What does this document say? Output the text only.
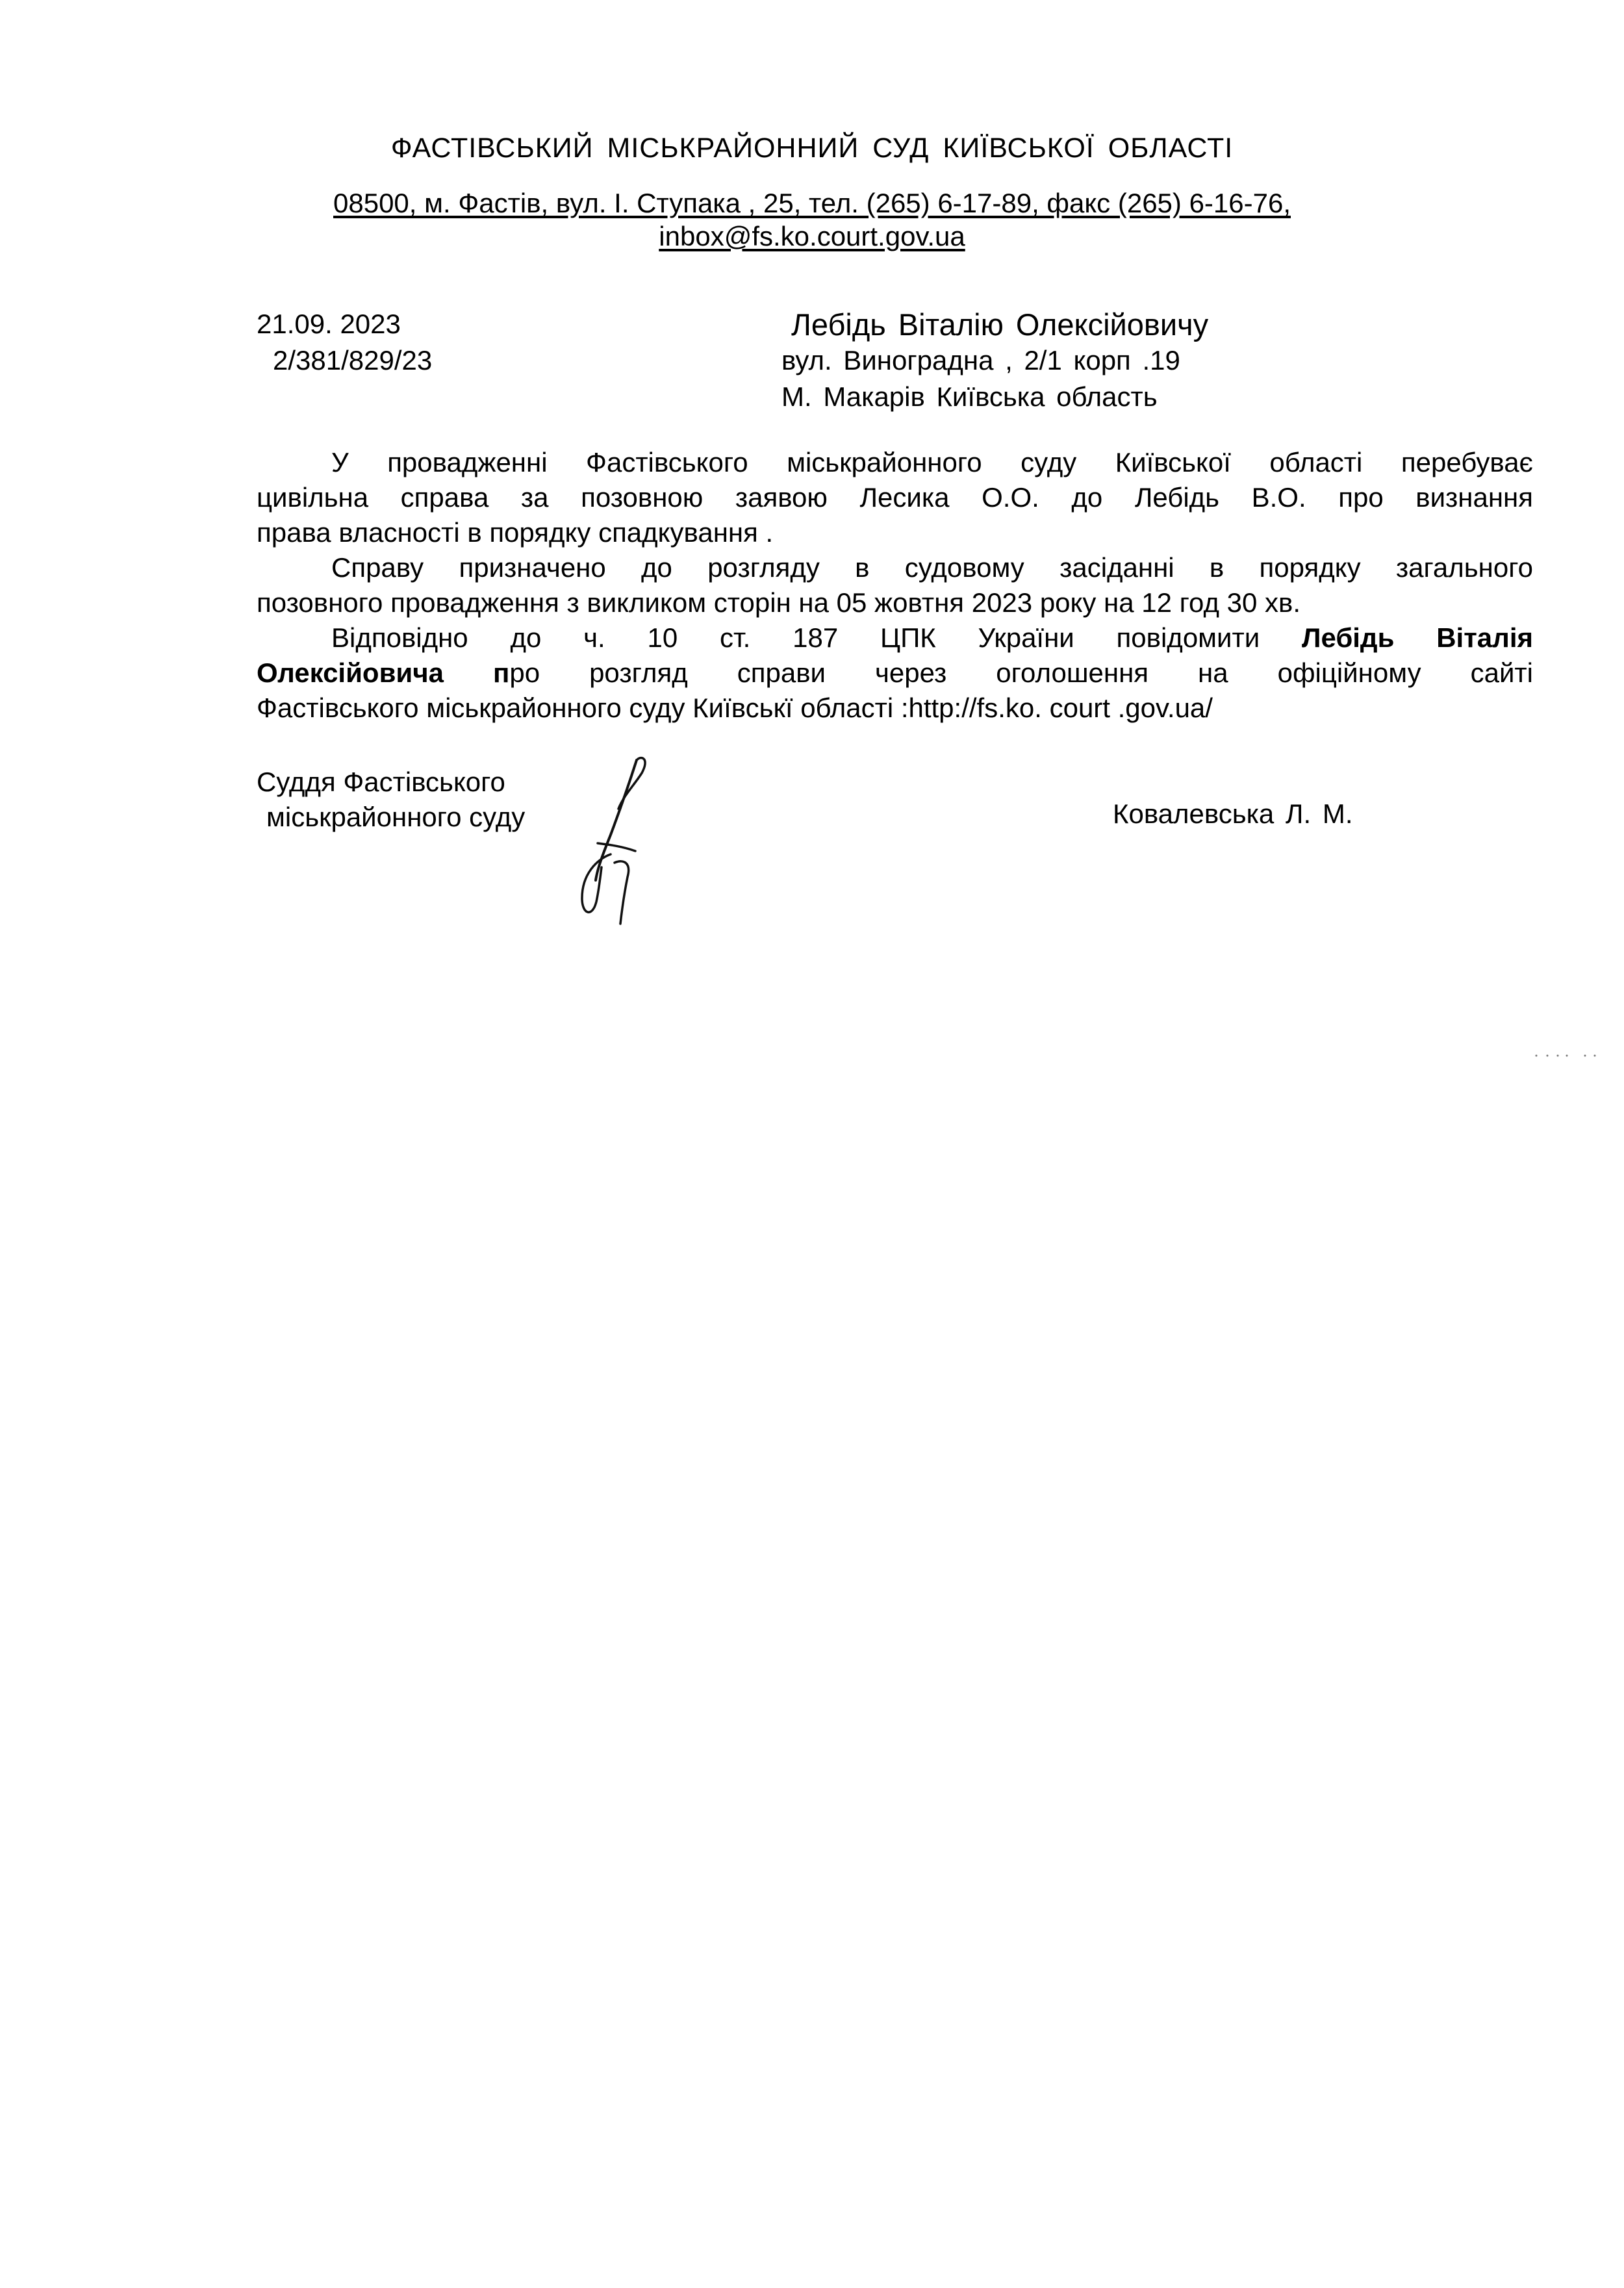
ФАСТІВСЬКИЙ МІСЬКРАЙОННИЙ СУД КИЇВСЬКОЇ ОБЛАСТІ
08500, м. Фастів, вул. І. Ступака , 25, тел. (265) 6-17-89, факс (265) 6-16-76,
inbox@fs.ko.court.gov.ua
21.09. 2023
2/381/829/23
Лебідь Віталію Олексійовичу
вул. Виноградна , 2/1 корп .19
М. Макарів Київська область
У провадженні Фастівського міськрайонного суду Київської області перебуває
цивільна справа за позовною заявою Лесика О.О. до Лебідь В.О. про визнання
права власності в порядку спадкування .
Справу призначено до розгляду в судовому засіданні в порядку загального
позовного провадження з викликом сторін на 05 жовтня 2023 року на 12 год 30 хв.
Відповідно до ч. 10 ст. 187 ЦПК України повідомити Лебідь Віталія
Олексійовича про розгляд справи через оголошення на офіційному сайті
Фастівського міськрайонного суду Київськї області :http://fs.ko. court .gov.ua/
Суддя Фастівського
міськрайонного суду	Ковалевська Л. М.
